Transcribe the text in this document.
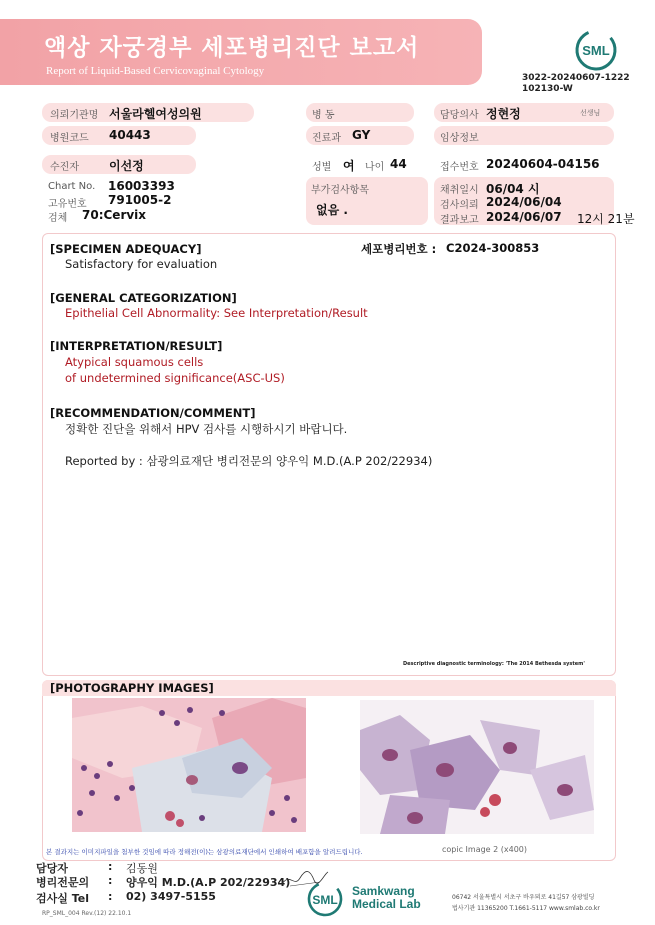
액상 자궁경부 세포병리진단 보고서
Report of Liquid-Based Cervicovaginal Cytology
SML
3022-20240607-1222
102130-W
의뢰기관명 서울라헬여성의원	병 동	담당의사 정현정	선생님
병원코드 40443	진료과 GY	임상정보
수진자	이선정	성별 여 나이 44	접수번호 20240604-04156
Chart No. 16003393
고유번호 791005-2
검체 70:Cervix
부가검사항목
없음 .
채취일시 06/04 시
검사의뢰 2024/06/04
결과보고 2024/06/07 12시 21분
[SPECIMEN ADEQUACY]	세포병리번호 : C2024-300853
Satisfactory for evaluation
[GENERAL CATEGORIZATION]
Epithelial Cell Abnormality: See Interpretation/Result
[INTERPRETATION/RESULT]
Atypical squamous cells
of undetermined significance(ASC-US)
[RECOMMENDATION/COMMENT]
정확한 진단을 위해서 HPV 검사를 시행하시기 바랍니다.
Reported by : 삼광의료재단 병리전문의 양우익 M.D.(A.P 202/22934)
Descriptive diagnostic terminology: 'The 2014 Bethesda system'
[PHOTOGRAPHY IMAGES]
copic Image 2 (x400)
본 결과지는 이미지파일을 첨부한 것임에 따라 정해전(이)는 삼광의료재단에서 인쇄하여 배포함을 알려드립니다.
담당자	: 김동원
병리전문의 : 양우익 M.D.(A.P 202/22934)
검사실 Tel : 02) 3497-5155
RP_SML_004 Rev.(12) 22.10.1
SML
Samkwang
Medical Lab	06742 서울특별시 서초구 바우뫼로 41길57 삼광빌딩
법사기관 11365200 T.1661-5117 www.smlab.co.kr
